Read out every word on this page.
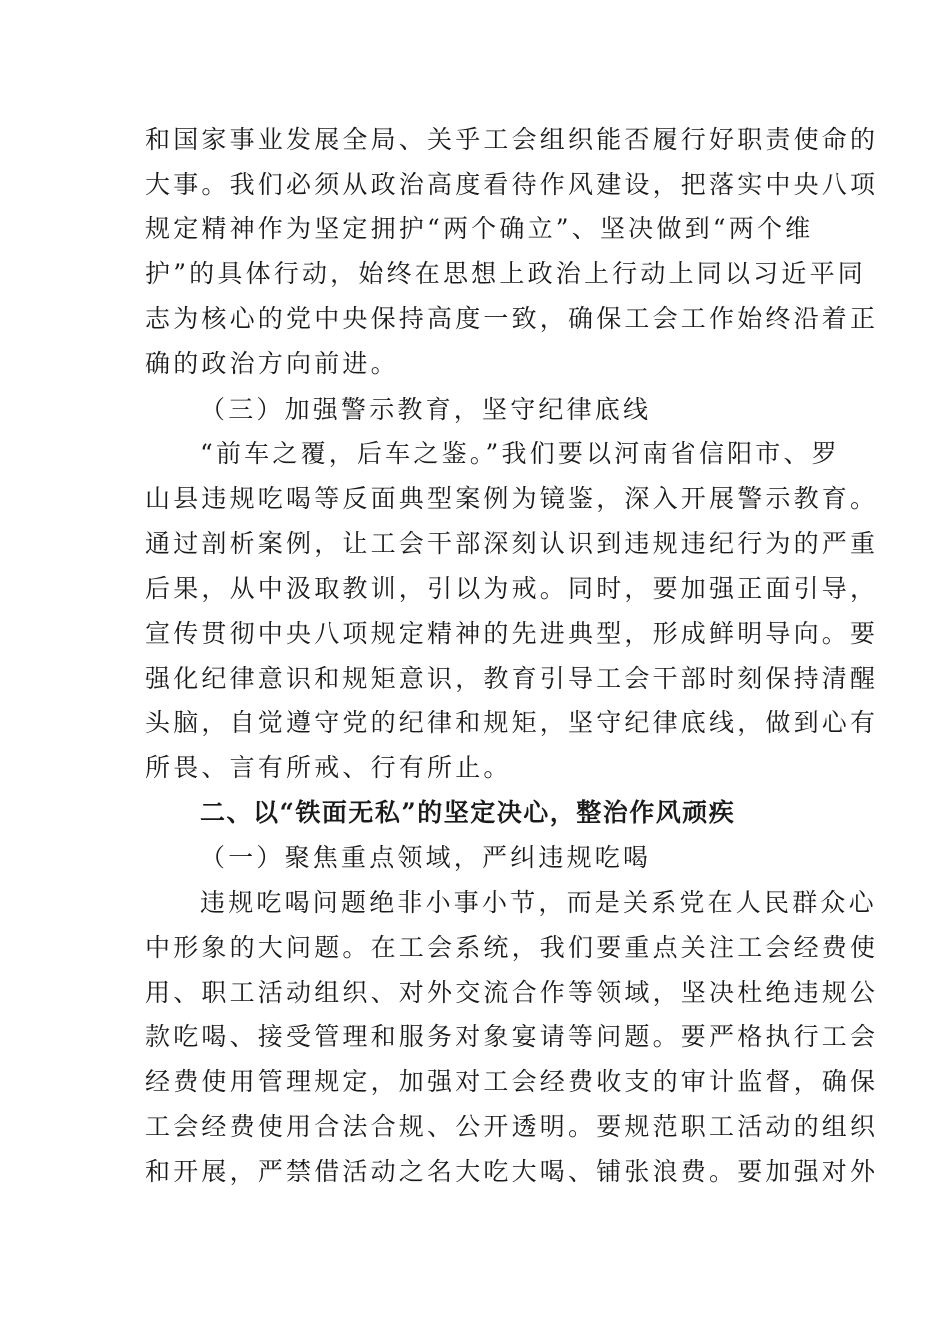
和国家事业发展全局、关乎工会组织能否履行好职责使命的

大事。我们必须从政治高度看待作风建设，把落实中央八项

规定精神作为坚定拥护“两个确立”、坚决做到“两个维

护”的具体行动，始终在思想上政治上行动上同以习近平同

志为核心的党中央保持高度一致，确保工会工作始终沿着正

确的政治方向前进。

（三）加强警示教育，坚守纪律底线

“前车之覆，后车之鉴。”我们要以河南省信阳市、罗

山县违规吃喝等反面典型案例为镜鉴，深入开展警示教育。

通过剖析案例，让工会干部深刻认识到违规违纪行为的严重

后果，从中汲取教训，引以为戒。同时，要加强正面引导，

宣传贯彻中央八项规定精神的先进典型，形成鲜明导向。要

强化纪律意识和规矩意识，教育引导工会干部时刻保持清醒

头脑，自觉遵守党的纪律和规矩，坚守纪律底线，做到心有

所畏、言有所戒、行有所止。

二、以“铁面无私”的坚定决心，整治作风顽疾

（一）聚焦重点领域，严纠违规吃喝

违规吃喝问题绝非小事小节，而是关系党在人民群众心

中形象的大问题。在工会系统，我们要重点关注工会经费使

用、职工活动组织、对外交流合作等领域，坚决杜绝违规公

款吃喝、接受管理和服务对象宴请等问题。要严格执行工会

经费使用管理规定，加强对工会经费收支的审计监督，确保

工会经费使用合法合规、公开透明。要规范职工活动的组织

和开展，严禁借活动之名大吃大喝、铺张浪费。要加强对外
